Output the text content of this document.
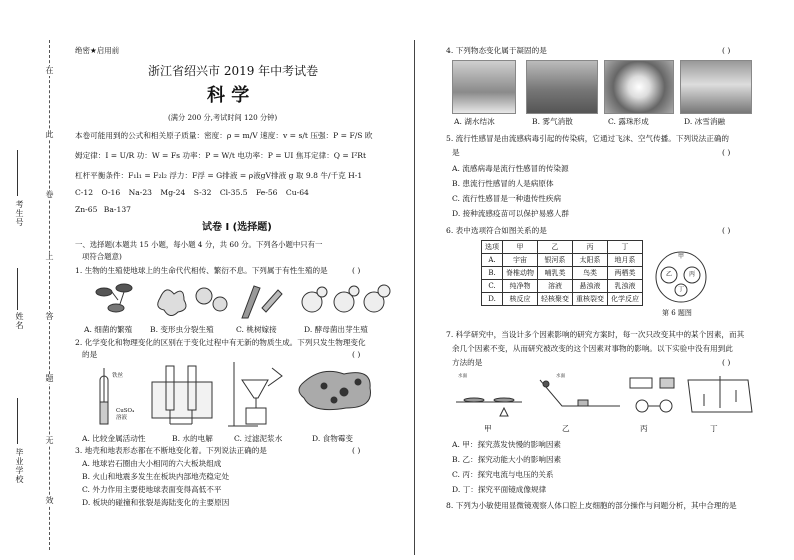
在
此
卷
上
答
题
无
效
考生号
姓名
毕业学校
绝密★启用前
浙江省绍兴市 2019 年中考试卷
科 学
(满分 200 分,考试时间 120 分钟)
本卷可能用到的公式和相关原子质量：密度：ρ = m/V 速度：v = s/t 压强：P = F/S 欧
姆定律：I = U/R 功：W = Fs 功率：P = W/t 电功率：P = UI 焦耳定律：Q = I²Rt
杠杆平衡条件：F₁l₁ = F₂l₂ 浮力：F浮 = G排液 = ρ液gV排液 g 取 9.8 牛/千克 H-1
C-12 O-16 Na-23 Mg-24 S-32 Cl-35.5 Fe-56 Cu-64
Zn-65 Ba-137
试卷 I (选择题)
一、选择题(本题共 15 小题，每小题 4 分，共 60 分。下列各小题中只有一
项符合题意)
1. 生物的生殖使地球上的生命代代相传、繁衍不息。下列属于有性生殖的是	( )
A. 细菌的繁殖 B. 变形虫分裂生殖	C. 桃树嫁接	D. 酵母菌出芽生殖
2. 化学变化和物理变化的区别在于变化过程中有无新的物质生成。下列只发生物理变化
的是	( )
铁丝
CuSO₄
溶液
A. 比较金属活动性	B. 水的电解	C. 过滤泥浆水	D. 食物霉变
3. 地壳和地表形态都在不断地变化着。下列说法正确的是	( )
A. 地球岩石圈由大小相同的六大板块组成
B. 火山和地震多发生在板块内部地壳稳定处
C. 外力作用主要使地球表面变得高低不平
D. 板块的碰撞和张裂是海陆变化的主要原因
4. 下列物态变化属于凝固的是	( )
A. 湖水结冰	B. 雾气消散	C. 露珠形成	D. 冰雪消融
5. 流行性感冒是由流感病毒引起的传染病，它通过飞沫、空气传播。下列说法正确的
是	( )
A. 流感病毒是流行性感冒的传染源
B. 患流行性感冒的人是病原体
C. 流行性感冒是一种遗传性疾病
D. 接种流感疫苗可以保护易感人群
6. 表中选项符合如图关系的是	( )
选项	甲	乙	丙	丁
A.	宇宙	银河系	太阳系	地月系
B.	脊椎动物	哺乳类	鸟类	两栖类
C.	纯净物	溶液	悬浊液	乳浊液
D.	核反应	轻核聚变	重核裂变	化学反应
甲
乙	丙
丁
第 6 题图
7. 科学研究中，当设计多个因素影响的研究方案时，每一次只改变其中的某个因素，而其
余几个因素不变，从而研究被改变的这个因素对事物的影响。以下实验中没有用到此
方法的是	( )
水面	水面
甲	乙	丙	丁
A. 甲：探究蒸发快慢的影响因素
B. 乙：探究动能大小的影响因素
C. 丙：探究电流与电压的关系
D. 丁：探究平面镜成像规律
8. 下列为小敏使用显微镜观察人体口腔上皮细胞的部分操作与问题分析，其中合理的是
